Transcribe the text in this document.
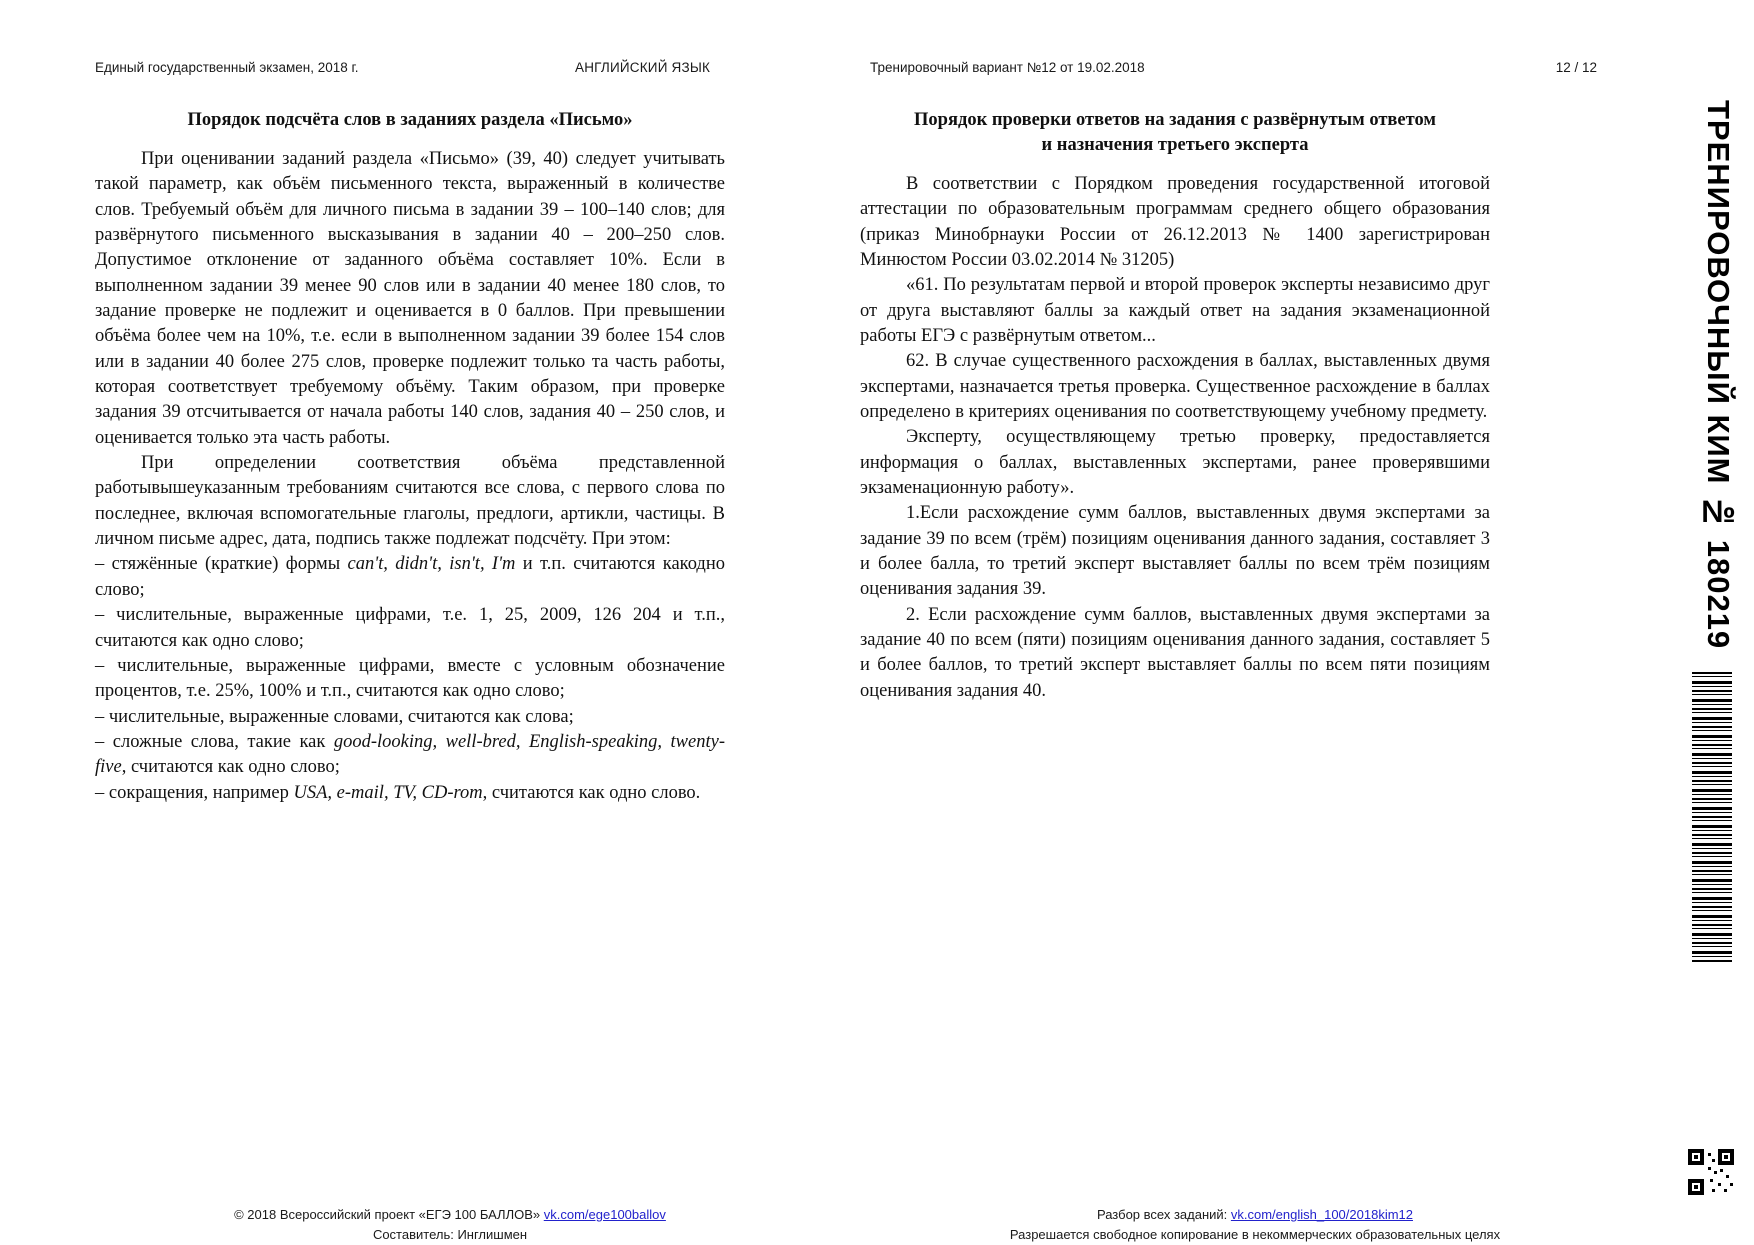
Единый государственный экзамен, 2018 г.	АНГЛИЙСКИЙ ЯЗЫК	Тренировочный вариант №12 от 19.02.2018	12 / 12
Порядок подсчёта слов в заданиях раздела «Письмо»

При оценивании заданий раздела «Письмо» (39, 40) следует учитывать такой параметр, как объём письменного текста, выраженный в количестве слов. Требуемый объём для личного письма в задании 39 – 100–140 слов; для развёрнутого письменного высказывания в задании 40 – 200–250 слов. Допустимое отклонение от заданного объёма составляет 10%. Если в выполненном задании 39 менее 90 слов или в задании 40 менее 180 слов, то задание проверке не подлежит и оценивается в 0 баллов. При превышении объёма более чем на 10%, т.е. если в выполненном задании 39 более 154 слов или в задании 40 более 275 слов, проверке подлежит только та часть работы, которая соответствует требуемому объёму. Таким образом, при проверке задания 39 отсчитывается от начала работы 140 слов, задания 40 – 250 слов, и оценивается только эта часть работы.

При определении соответствия объёма представленной работывышеуказанным требованиям считаются все слова, с первого слова по последнее, включая вспомогательные глаголы, предлоги, артикли, частицы. В личном письме адрес, дата, подпись также подлежат подсчёту. При этом:

– стяжённые (краткие) формы can't, didn't, isn't, I'm и т.п. считаются какодно слово;

– числительные, выраженные цифрами, т.е. 1, 25, 2009, 126 204 и т.п., считаются как одно слово;

– числительные, выраженные цифрами, вместе с условным обозначение процентов, т.е. 25%, 100% и т.п., считаются как одно слово;

– числительные, выраженные словами, считаются как слова;

– сложные слова, такие как good-looking, well-bred, English-speaking, twenty-five, считаются как одно слово;

– сокращения, например USA, e-mail, TV, CD-rom, считаются как одно слово.

Порядок проверки ответов на задания с развёрнутым ответом
и назначения третьего эксперта

В соответствии с Порядком проведения государственной итоговой аттестации по образовательным программам среднего общего образования (приказ Минобрнауки России от 26.12.2013 № 1400 зарегистрирован Минюстом России 03.02.2014 № 31205)

«61. По результатам первой и второй проверок эксперты независимо друг от друга выставляют баллы за каждый ответ на задания экзаменационной работы ЕГЭ с развёрнутым ответом...

62. В случае существенного расхождения в баллах, выставленных двумя экспертами, назначается третья проверка. Существенное расхождение в баллах определено в критериях оценивания по соответствующему учебному предмету.

Эксперту, осуществляющему третью проверку, предоставляется информация о баллах, выставленных экспертами, ранее проверявшими экзаменационную работу».

1.Если расхождение сумм баллов, выставленных двумя экспертами за задание 39 по всем (трём) позициям оценивания данного задания, составляет 3 и более балла, то третий эксперт выставляет баллы по всем трём позициям оценивания задания 39.

2. Если расхождение сумм баллов, выставленных двумя экспертами за задание 40 по всем (пяти) позициям оценивания данного задания, составляет 5 и более баллов, то третий эксперт выставляет баллы по всем пяти позициям оценивания задания 40.

ТРЕНИРОВОЧНЫЙ КИМ № 180219
© 2018 Всероссийский проект «ЕГЭ 100 БАЛЛОВ» vk.com/ege100ballov
Составитель: Инглишмен
Разбор всех заданий: vk.com/english_100/2018kim12
Разрешается свободное копирование в некоммерческих образовательных целях
